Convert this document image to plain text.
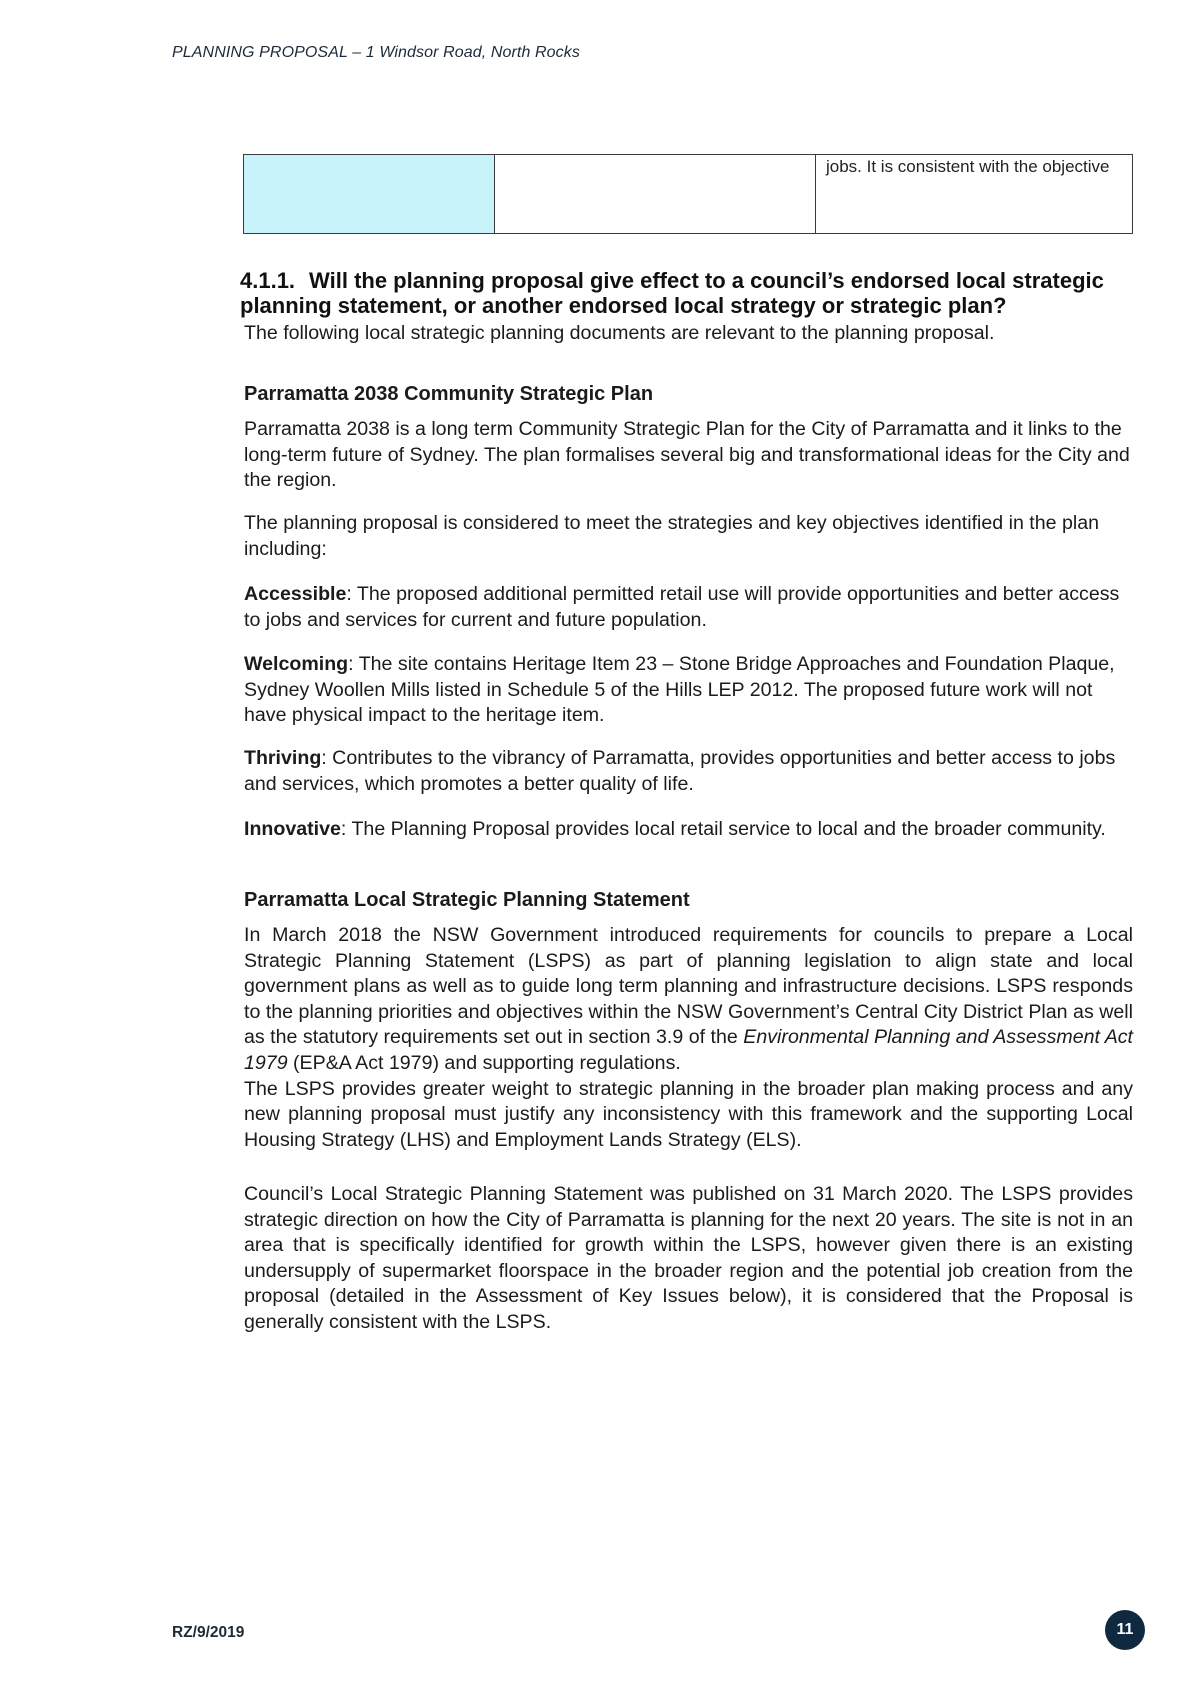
PLANNING PROPOSAL – 1 Windsor Road, North Rocks
		jobs. It is consistent with the objective
4.1.1. Will the planning proposal give effect to a council’s endorsed local strategic planning statement, or another endorsed local strategy or strategic plan?

The following local strategic planning documents are relevant to the planning proposal.

Parramatta 2038 Community Strategic Plan

Parramatta 2038 is a long term Community Strategic Plan for the City of Parramatta and it links to the long-term future of Sydney. The plan formalises several big and transformational ideas for the City and the region.

The planning proposal is considered to meet the strategies and key objectives identified in the plan including:

Accessible: The proposed additional permitted retail use will provide opportunities and better access to jobs and services for current and future population.

Welcoming: The site contains Heritage Item 23 – Stone Bridge Approaches and Foundation Plaque, Sydney Woollen Mills listed in Schedule 5 of the Hills LEP 2012. The proposed future work will not have physical impact to the heritage item.

Thriving: Contributes to the vibrancy of Parramatta, provides opportunities and better access to jobs and services, which promotes a better quality of life.

Innovative: The Planning Proposal provides local retail service to local and the broader community.

Parramatta Local Strategic Planning Statement

In March 2018 the NSW Government introduced requirements for councils to prepare a Local Strategic Planning Statement (LSPS) as part of planning legislation to align state and local government plans as well as to guide long term planning and infrastructure decisions. LSPS responds to the planning priorities and objectives within the NSW Government’s Central City District Plan as well as the statutory requirements set out in section 3.9 of the Environmental Planning and Assessment Act 1979 (EP&A Act 1979) and supporting regulations.

The LSPS provides greater weight to strategic planning in the broader plan making process and any new planning proposal must justify any inconsistency with this framework and the supporting Local Housing Strategy (LHS) and Employment Lands Strategy (ELS).

Council’s Local Strategic Planning Statement was published on 31 March 2020. The LSPS provides strategic direction on how the City of Parramatta is planning for the next 20 years. The site is not in an area that is specifically identified for growth within the LSPS, however given there is an existing undersupply of supermarket floorspace in the broader region and the potential job creation from the proposal (detailed in the Assessment of Key Issues below), it is considered that the Proposal is generally consistent with the LSPS.

RZ/9/2019	11
